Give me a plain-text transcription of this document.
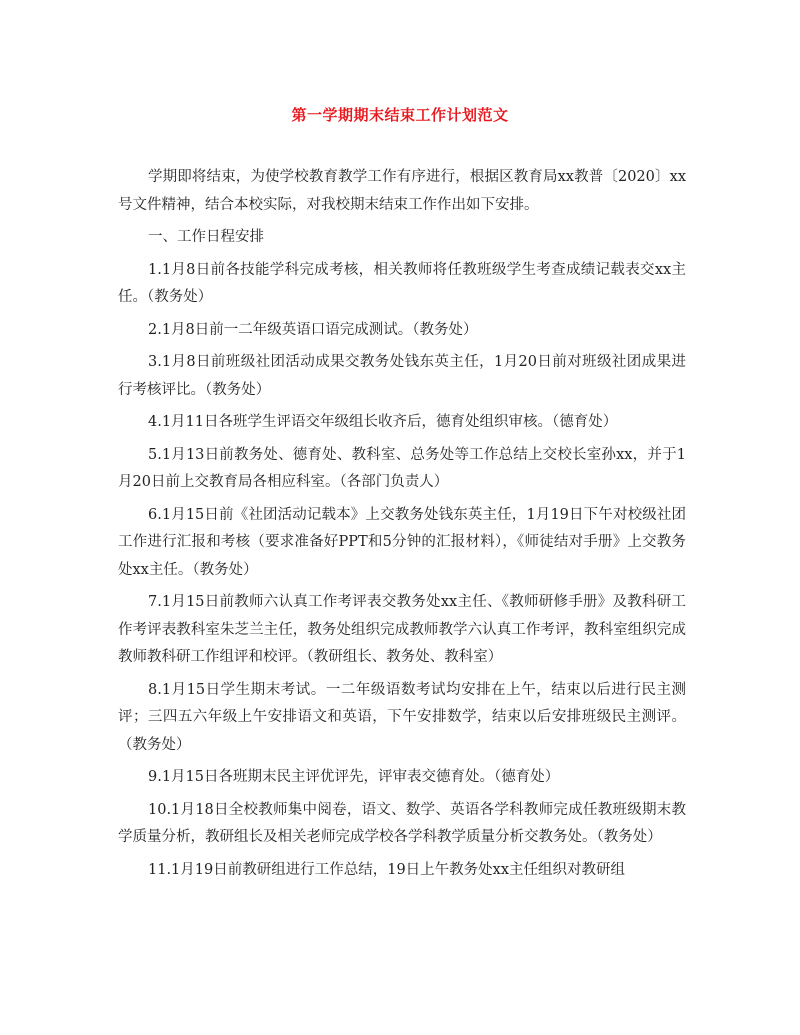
第一学期期末结束工作计划范文

学期即将结束，为使学校教育教学工作有序进行，根据区教育局xx教普〔2020〕xx号文件精神，结合本校实际，对我校期末结束工作作出如下安排。

一、工作日程安排

1.1月8日前各技能学科完成考核，相关教师将任教班级学生考查成绩记载表交xx主任。（教务处）

2.1月8日前一二年级英语口语完成测试。（教务处）

3.1月8日前班级社团活动成果交教务处钱东英主任，1月20日前对班级社团成果进行考核评比。（教务处）

4.1月11日各班学生评语交年级组长收齐后，德育处组织审核。（德育处）

5.1月13日前教务处、德育处、教科室、总务处等工作总结上交校长室孙xx，并于1月20日前上交教育局各相应科室。（各部门负责人）

6.1月15日前《社团活动记载本》上交教务处钱东英主任，1月19日下午对校级社团工作进行汇报和考核（要求准备好PPT和5分钟的汇报材料），《师徒结对手册》上交教务处xx主任。（教务处）

7.1月15日前教师六认真工作考评表交教务处xx主任、《教师研修手册》及教科研工作考评表教科室朱芝兰主任，教务处组织完成教师教学六认真工作考评，教科室组织完成教师教科研工作组评和校评。（教研组长、教务处、教科室）

8.1月15日学生期末考试。一二年级语数考试均安排在上午，结束以后进行民主测评；三四五六年级上午安排语文和英语，下午安排数学，结束以后安排班级民主测评。（教务处）

9.1月15日各班期末民主评优评先，评审表交德育处。（德育处）

10.1月18日全校教师集中阅卷，语文、数学、英语各学科教师完成任教班级期末教学质量分析，教研组长及相关老师完成学校各学科教学质量分析交教务处。（教务处）

11.1月19日前教研组进行工作总结，19日上午教务处xx主任组织对教研组
